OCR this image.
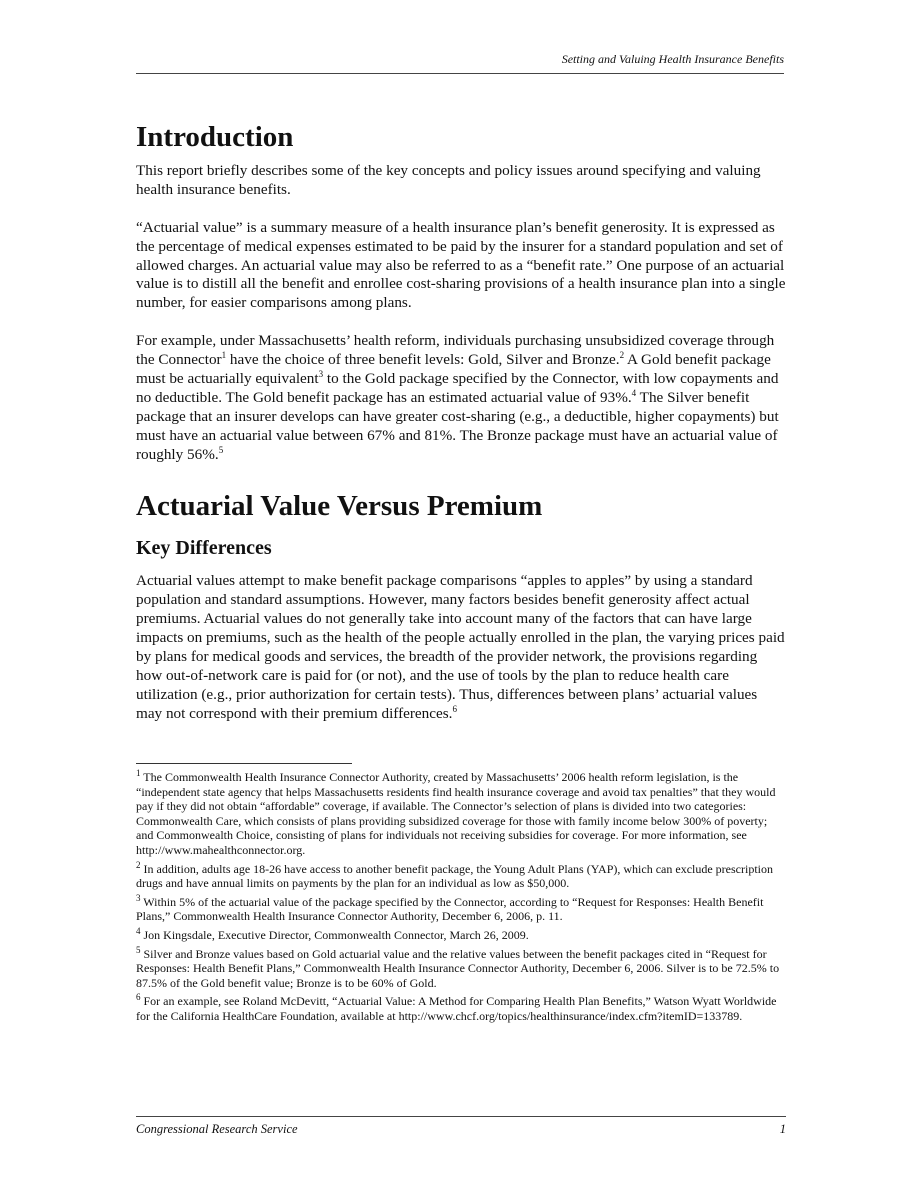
Setting and Valuing Health Insurance Benefits
Introduction

This report briefly describes some of the key concepts and policy issues around specifying and valuing health insurance benefits.

“Actuarial value” is a summary measure of a health insurance plan’s benefit generosity. It is expressed as the percentage of medical expenses estimated to be paid by the insurer for a standard population and set of allowed charges. An actuarial value may also be referred to as a “benefit rate.” One purpose of an actuarial value is to distill all the benefit and enrollee cost-sharing provisions of a health insurance plan into a single number, for easier comparisons among plans.

For example, under Massachusetts’ health reform, individuals purchasing unsubsidized coverage through the Connector$^1$ have the choice of three benefit levels: Gold, Silver and Bronze.$^2$ A Gold benefit package must be actuarially equivalent$^3$ to the Gold package specified by the Connector, with low copayments and no deductible. The Gold benefit package has an estimated actuarial value of 93%.$^4$ The Silver benefit package that an insurer develops can have greater cost-sharing (e.g., a deductible, higher copayments) but must have an actuarial value between 67% and 81%. The Bronze package must have an actuarial value of roughly 56%.$^5$

Actuarial Value Versus Premium
Key Differences

Actuarial values attempt to make benefit package comparisons “apples to apples” by using a standard population and standard assumptions. However, many factors besides benefit generosity affect actual premiums. Actuarial values do not generally take into account many of the factors that can have large impacts on premiums, such as the health of the people actually enrolled in the plan, the varying prices paid by plans for medical goods and services, the breadth of the provider network, the provisions regarding how out-of-network care is paid for (or not), and the use of tools by the plan to reduce health care utilization (e.g., prior authorization for certain tests). Thus, differences between plans’ actuarial values may not correspond with their premium differences.$^6$

$^1$ The Commonwealth Health Insurance Connector Authority, created by Massachusetts’ 2006 health reform legislation, is the “independent state agency that helps Massachusetts residents find health insurance coverage and avoid tax penalties” that they would pay if they did not obtain “affordable” coverage, if available. The Connector’s selection of plans is divided into two categories: Commonwealth Care, which consists of plans providing subsidized coverage for those with family income below 300% of poverty; and Commonwealth Choice, consisting of plans for individuals not receiving subsidies for coverage. For more information, see http://www.mahealthconnector.org.

$^2$ In addition, adults age 18-26 have access to another benefit package, the Young Adult Plans (YAP), which can exclude prescription drugs and have annual limits on payments by the plan for an individual as low as $50,000.

$^3$ Within 5% of the actuarial value of the package specified by the Connector, according to “Request for Responses: Health Benefit Plans,” Commonwealth Health Insurance Connector Authority, December 6, 2006, p. 11.

$^4$ Jon Kingsdale, Executive Director, Commonwealth Connector, March 26, 2009.

$^5$ Silver and Bronze values based on Gold actuarial value and the relative values between the benefit packages cited in “Request for Responses: Health Benefit Plans,” Commonwealth Health Insurance Connector Authority, December 6, 2006. Silver is to be 72.5% to 87.5% of the Gold benefit value; Bronze is to be 60% of Gold.

$^6$ For an example, see Roland McDevitt, “Actuarial Value: A Method for Comparing Health Plan Benefits,” Watson Wyatt Worldwide for the California HealthCare Foundation, available at http://www.chcf.org/topics/healthinsurance/index.cfm?itemID=133789.

Congressional Research Service	1
